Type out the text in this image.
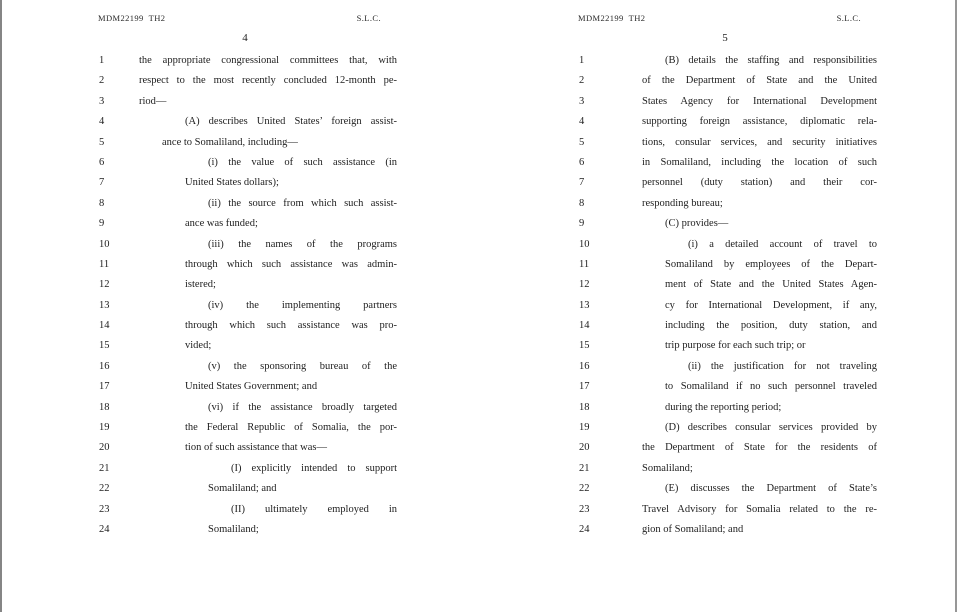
MDM22199  TH2	S.L.C.
4
1	the appropriate congressional committees that, with
2	respect to the most recently concluded 12-month pe-
3	riod—
4	(A) describes United States’ foreign assist-
5	ance to Somaliland, including—
6	(i) the value of such assistance (in
7	United States dollars);
8	(ii) the source from which such assist-
9	ance was funded;
10	(iii) the names of the programs
11	through which such assistance was admin-
12	istered;
13	(iv) the implementing partners
14	through which such assistance was pro-
15	vided;
16	(v) the sponsoring bureau of the
17	United States Government; and
18	(vi) if the assistance broadly targeted
19	the Federal Republic of Somalia, the por-
20	tion of such assistance that was—
21	(I) explicitly intended to support
22	Somaliland; and
23	(II) ultimately employed in
24	Somaliland;
MDM22199  TH2	S.L.C.
5
1	(B) details the staffing and responsibilities
2	of the Department of State and the United
3	States Agency for International Development
4	supporting foreign assistance, diplomatic rela-
5	tions, consular services, and security initiatives
6	in Somaliland, including the location of such
7	personnel (duty station) and their cor-
8	responding bureau;
9	(C) provides—
10	(i) a detailed account of travel to
11	Somaliland by employees of the Depart-
12	ment of State and the United States Agen-
13	cy for International Development, if any,
14	including the position, duty station, and
15	trip purpose for each such trip; or
16	(ii) the justification for not traveling
17	to Somaliland if no such personnel traveled
18	during the reporting period;
19	(D) describes consular services provided by
20	the Department of State for the residents of
21	Somaliland;
22	(E) discusses the Department of State’s
23	Travel Advisory for Somalia related to the re-
24	gion of Somaliland; and
